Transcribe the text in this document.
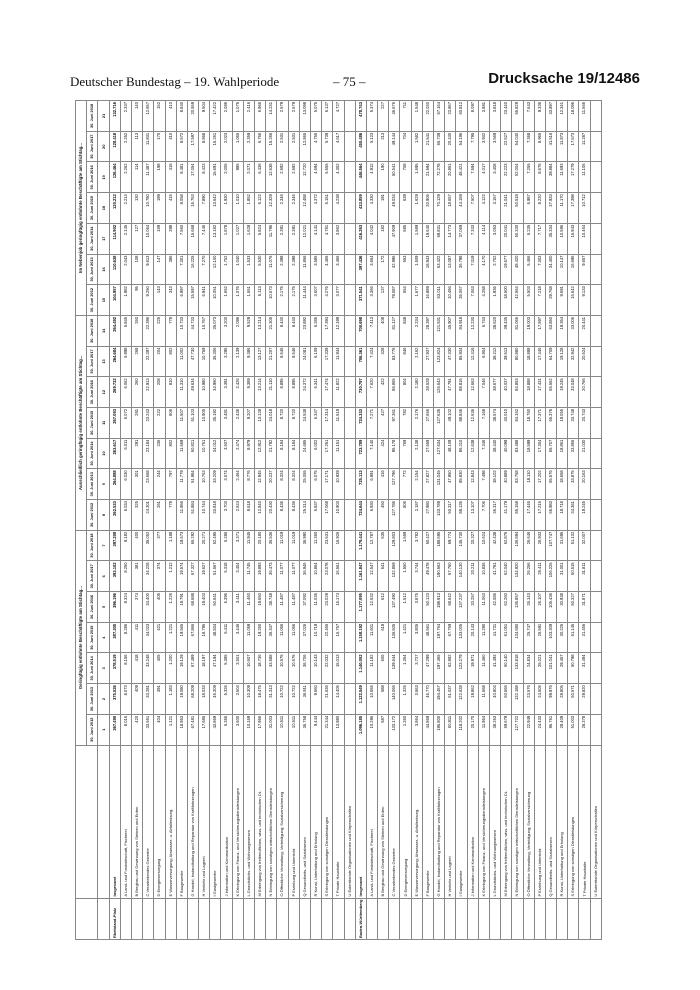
Deutscher Bundestag – 19. Wahlperiode	– 75 –	Drucksache 19/12486
		Geringfügig entlohnte Beschäftigte am Stichtag...							Ausschließlich geringfügig entlohnte Beschäftigte am Stichtag...							Im Nebenjob geringfügig entlohnte Beschäftigte am Stichtag...						
		30. Juni 2012	30. Juni 2013	30. Juni 2014	30. Juni 2015	30. Juni 2016	30. Juni 2017	30. Juni 2018	30. Juni 2012	30. Juni 2013	30. Juni 2014	30. Juni 2015	30. Juni 2016	30. Juni 2017	30. Juni 2018	30. Juni 2012	30. Juni 2013	30. Juni 2014	30. Juni 2015	30. Juni 2016	30. Juni 2017	30. Juni 2018
		1	2	3	4	5	6	7	8	9	10	11	12	13	14	15	16	17	18	19	20	21
Rheinland-Pfalz	Insgesamt	367.490	375.526	378.519	387.305	396.196	393.102	397.208	262.533	264.888	263.617	267.093	269.732	264.684	264.492	104.957	110.638	114.902	120.212	126.464	128.418	132.716
	A Land- und Forstwirtschaft, Fischerei	8.016	8.073	8.156	8.286	8.324	8.250	8.182	6.034	6.030	6.011	6.072	6.062	5.998	5.845	1.982	2.043	2.145	2.214	2.262	2.252	2.337
	B Bergbau und Gewinnung von Steinen und Erden	420	409	418	411	374	381	400	325	301	291	281	260	268	260	95	108	127	130	114	113	140
	C Verarbeitendes Gewerbe	33.551	33.281	33.248	34.023	34.400	34.228	35.052	24.301	23.668	23.184	23.243	22.913	22.397	22.395	9.250	9.613	10.064	10.780	11.487	11.831	12.657
	D Energieversorgung	404	391	405	421	406	374	377	261	244	236	222	208	204	225	143	147	169	199	198	170	152
	E Wasserversorgung; Abwasser- u. Abfallentsorg.	1.121	1.183	1.200	1.221	1.226	1.212	1.188	778	797	802	806	810	802	778	343	386	398	415	416	410	410
	F Baugewerbe	18.953	19.080	19.129	19.565	19.791	19.574	19.573	11.956	11.779	11.569	11.507	11.310	11.002	10.733	6.997	7.301	7.560	8.058	8.481	8.572	8.840
	G Handel; Instandhaltung und Reparatur von Kraftfahrzeugen	67.481	68.209	67.489	67.866	68.688	67.327	65.292	51.884	51.984	50.821	51.103	49.634	47.730	44.733	15.597	16.225	16.668	16.763	17.054	17.597	20.559
	H Verkehr und Lagerei	17.685	18.033	18.197	18.795	19.403	19.627	20.271	10.744	10.763	10.751	10.905	10.980	10.759	10.767	6.941	7.270	7.446	7.890	8.423	8.868	9.504
	I Gastgewerbe	43.869	46.309	47.194	48.834	50.641	51.567	52.495	33.818	33.209	34.012	35.192	34.950	35.306	35.073	10.051	12.100	13.182	13.642	15.691	16.261	17.422
	J Information und Kommunikation	5.355	5.326	5.385	5.411	5.396	5.318	5.286	3.703	3.574	3.507	3.481	3.391	3.295	3.200	1.652	1.752	1.878	1.930	2.005	2.023	2.086
	K Erbringung von Finanz- und Versicherungsdienstleistungen	3.600	3.504	3.501	3.446	3.411	3.404	3.371	2.524	2.464	2.474	2.436	2.426	2.139	2.096	1.076	1.040	1.027	1.010	985	1.065	1.075
	L Grundstücks- und Wohnungswesen	10.169	10.309	10.607	11.059	11.460	11.745	11.945	8.618	8.776	8.979	9.207	9.389	9.386	9.529	1.551	1.533	1.628	1.852	2.071	2.359	2.416
	M Erbringung von freiberuflichen, wiss. und technischen DL	17.956	18.475	18.736	19.250	19.650	19.893	20.180	12.843	12.945	12.912	13.128	13.214	13.127	13.214	5.113	5.530	5.824	6.122	6.436	6.766	6.966
	N Erbringung von sonstigen wirtschaftlichen Dienstleistungen	31.003	31.313	33.588	36.347	38.748	36.473	35.536	20.430	20.237	21.792	24.018	21.110	21.207	21.305	10.573	11.076	11.796	12.329	12.638	15.266	14.231
	O Öffentliche Verwaltung, Verteidigung; Sozialversicherung	10.611	10.722	10.575	11.066	11.487	11.077	11.019	8.436	8.324	8.184	8.720	8.895	8.546	8.440	2.175	2.398	2.391	2.346	2.592	2.531	2.579
	P Erziehung und Unterricht	10.611	10.722	10.575	11.066	11.487	11.077	11.019	8.436	8.324	8.184	8.720	8.895	8.546	8.440	2.175	2.398	2.391	2.346	2.592	2.531	2.579
	Q Gesundheits- und Sozialwesen	36.758	36.911	36.706	37.026	37.092	36.946	36.990	25.314	25.055	24.685	24.538	24.372	24.081	23.892	11.444	11.856	12.021	12.488	12.720	12.865	13.098
	R Kunst, Unterhaltung und Erholung	9.444	9.660	10.143	10.719	11.035	10.864	11.360	5.837	6.075	6.002	6.347	6.341	6.109	6.285	3.607	3.585	4.141	4.372	4.694	4.755	5.075
	S Erbringung von sonstigen Dienstleistungen	21.344	21.636	22.032	22.465	23.029	23.078	23.531	17.068	17.171	17.251	17.314	17.474	17.339	17.394	4.276	4.465	4.781	5.151	5.555	5.739	6.137
	T Private Haushalte	13.980	14.405	15.013	15.757	16.174	16.561	16.926	10.903	10.939	11.151	11.519	11.822	11.944	12.199	3.077	3.466	3.862	4.238	4.352	4.617	4.727
	U Exterritoriale Organisationen und Körperschaften																					
Baden-Württemberg	Insgesamt	1.096.185	1.122.549	1.140.052	1.158.192	1.177.095	1.161.847	1.179.441	724.644	725.113	723.789	724.333	730.797	706.361	700.698	371.541	397.436	416.263	433.859	446.564	455.486	478.743
	A Land- und Forstwirtschaft, Fischerei	10.296	10.655	11.182	11.601	12.532	12.547	12.787	6.930	6.991	7.140	7.271	7.620	7.424	7.413	3.366	3.664	4.042	4.330	4.912	5.123	5.374
	B Bergbau und Gewinnung von Steinen und Erden	587	588	606	618	612	641	635	450	416	424	427	422	428	408	137	172	182	191	190	213	227
	C Verarbeitendes Gewerbe	133.172	140.066	139.644	136.505	137.490	132.859	129.803	127.786	127.796	95.178	97.361	86.865	83.775	81.127	79.087	42.996	47.909	49.034	50.541	49.144	46.676
	D Energieversorgung	1.360	1.325	1.354	1.421	1.512	1.550	1.559	806	772	769	782	804	846	848	554	553	585	639	708	704	711
	E Wasserversorgung; Abwasser- u. Abfallentsorg.	3.864	3.663	3.727	3.805	3.875	3.744	3.782	2.187	2.154	2.138	2.176	2.180	2.162	2.234	1.677	1.509	1.589	1.629	1.695	1.582	1.548
	F Baugewerbe	44.869	46.770	47.299	48.561	50.123	49.478	50.427	27.980	27.827	27.659	27.656	28.529	27.937	28.397	16.889	18.943	19.640	20.905	21.594	21.541	22.030
	G Handel; Instandhaltung und Reparatur von Kraftfahrzeugen	196.800	194.467	197.465	197.764	198.913	190.563	188.695	133.789	131.045	127.634	127.635	126.643	123.824	121.531	63.011	63.422	69.831	70.129	72.278	66.739	67.164
	H Verkehr und Lagerei	60.811	61.037	62.882	67.759	68.642	67.760	69.774	50.317	47.950	48.109	49.102	47.791	47.330	45.907	10.494	13.087	14.773	18.657	20.851	20.430	23.867
	I Gastgewerbe	118.202	122.628	123.279	133.005	137.237	140.130	145.730	88.135	85.830	86.210	88.846	88.816	85.934	84.918	35.067	36.798	37.069	44.159	48.421	54.196	60.812
	J Information und Kommunikation	20.170	19.862	19.971	20.143	20.257	20.211	20.327	13.107	12.843	12.638	12.636	12.663	12.416	12.230	7.063	7.019	7.333	7.507	7.594	7.795	8.097
	K Erbringung von Finanz- und Versicherungsdienstleistungen	11.964	11.668	11.460	11.290	11.063	10.836	10.624	7.706	7.498	7.346	7.168	7.046	6.904	6.743	4.258	4.170	4.114	4.122	4.017	3.932	3.881
	L Grundstücks- und Wohnungswesen	38.253	40.804	41.493	41.731	42.085	41.781	42.438	36.317	38.102	38.440	38.574	38.677	38.212	38.620	1.936	2.702	3.053	3.157	3.408	3.569	3.818
	M Erbringung von freiberuflichen, wiss. und technischen DL	59.679	60.566	60.140	61.051	62.260	62.040	62.875	41.179	40.889	40.099	40.010	40.037	39.513	39.435	18.500	19.677	20.041	21.041	22.223	22.527	23.440
	N Erbringung von sonstigen wirtschaftlichen Dienstleistungen	127.722	132.188	133.818	134.680	136.857	134.920	136.894	85.158	83.768	83.488	84.162	84.853	80.880	81.065	42.564	48.420	50.330	50.518	52.004	54.040	55.829
	O Öffentliche Verwaltung, Verteidigung; Sozialversicherung	22.949	23.576	24.834	25.747	26.143	26.256	26.646	17.446	18.110	18.599	18.760	18.888	18.888	19.003	5.503	5.466	6.235	6.987	7.255	7.368	7.643
	P Erziehung und Unterricht	24.433	24.505	25.021	25.591	26.107	26.411	26.933	17.215	17.202	17.304	17.371	17.431	17.446	17.597	7.218	7.303	7.717	8.220	8.676	8.965	9.336
	Q Gesundheits- und Sozialwesen	96.751	99.976	101.041	103.309	105.436	106.225	107.747	66.983	65.576	65.707	65.376	65.552	64.709	63.850	29.768	34.400	35.334	37.933	39.884	41.516	43.897
	R Kunst, Unterhaltung und Erholung	28.409	28.805	29.457	30.225	30.938	31.001	31.695	18.718	18.658	18.861	19.055	19.245	19.128	19.354	9.691	10.147	10.596	11.170	11.693	11.873	12.341
	S Erbringung von sonstigen Dienstleistungen	51.003	50.571	50.798	51.146	50.327	50.515	51.102	34.361	33.875	33.855	33.748	33.048	32.942	33.006	16.642	16.696	16.943	17.398	17.279	17.573	18.096
	T Private Haushalte	28.378	29.820	31.494	31.455	31.871	31.811	32.007	19.245	20.163	21.030	20.743	20.766	20.524	20.441	9.133	9.657	10.464	10.712	11.105	11.287	11.566
	U Exterritoriale Organisationen und Körperschaften																					
